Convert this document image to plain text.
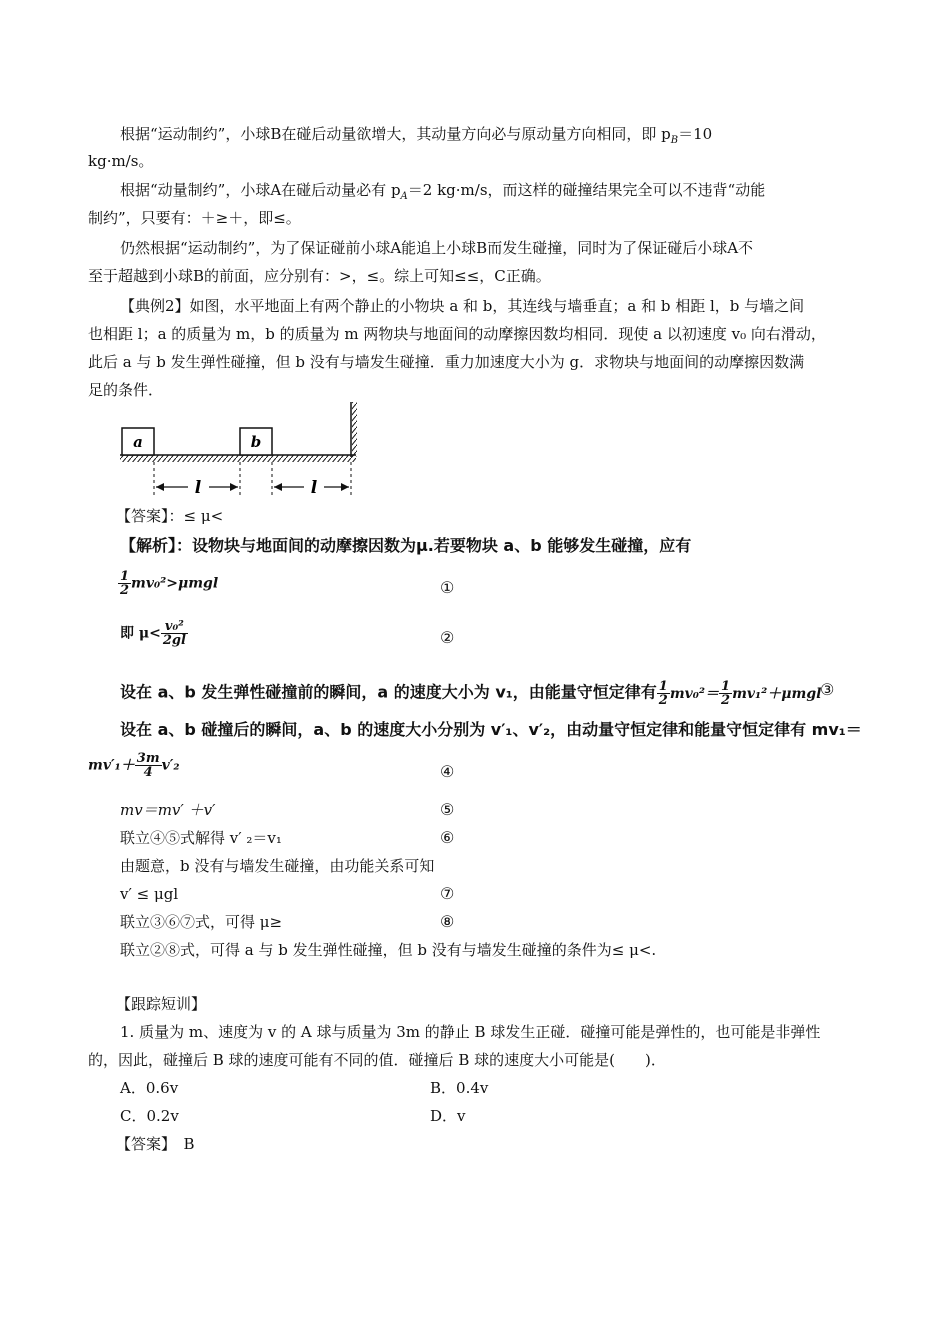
根据“运动制约”，小球B在碰后动量欲增大，其动量方向必与原动量方向相同，即 $p_B=10$
kg·m/s。
根据“动量制约”，小球A在碰后动量必有 $p_A=2$ kg·m/s，而这样的碰撞结果完全可以不违背“动能
制约”，只要有：＋≥＋，即≤。
仍然根据“运动制约”，为了保证碰前小球A能追上小球B而发生碰撞，同时为了保证碰后小球A不
至于超越到小球B的前面，应分别有：>，≤。综上可知≤≤，C正确。
【典例2】如图，水平地面上有两个静止的小物块 a 和 b，其连线与墙垂直；a 和 b 相距 l，b 与墙之间
也相距 l；a 的质量为 m，b 的质量为 m 两物块与地面间的动摩擦因数均相同．现使 a 以初速度 v₀ 向右滑动，
此后 a 与 b 发生弹性碰撞，但 b 没有与墙发生碰撞．重力加速度大小为 g．求物块与地面间的动摩擦因数满
足的条件．
a	b
l	l
【答案】：≤ μ<
【解析】：设物块与地面间的动摩擦因数为μ.若要物块 a、b 能够发生碰撞，应有
$\frac{1}{2} mv_0^2>\mu mgl$	①
即 $\mu< \frac{\text{v₀²}}{2gl}$	②
设在 a、b 发生弹性碰撞前的瞬间，a 的速度大小为 v₁，由能量守恒定律有 $\frac{1}{2} mv_0^2= \frac{1}{2} mv_1^2+\mu mgl$
③
设在 a、b 碰撞后的瞬间，a、b 的速度大小分别为 v′₁、v′₂，由动量守恒定律和能量守恒定律有 mv₁＝
$mv'_1+ \frac{3m}{4} v'_2$	④
mv＝mv′ ＋v′	⑤
联立④⑤式解得 v′ ₂＝v₁	⑥
由题意，b 没有与墙发生碰撞，由功能关系可知
v′ ≤ μgl	⑦
联立③⑥⑦式，可得 μ≥	⑧
联立②⑧式，可得 a 与 b 发生弹性碰撞，但 b 没有与墙发生碰撞的条件为≤ μ<.
【跟踪短训】
1. 质量为 m、速度为 v 的 A 球与质量为 3m 的静止 B 球发生正碰．碰撞可能是弹性的，也可能是非弹性
的，因此，碰撞后 B 球的速度可能有不同的值．碰撞后 B 球的速度大小可能是(　　)．
A．0.6v	B．0.4v
C．0.2v	D．v
【答案】　B
